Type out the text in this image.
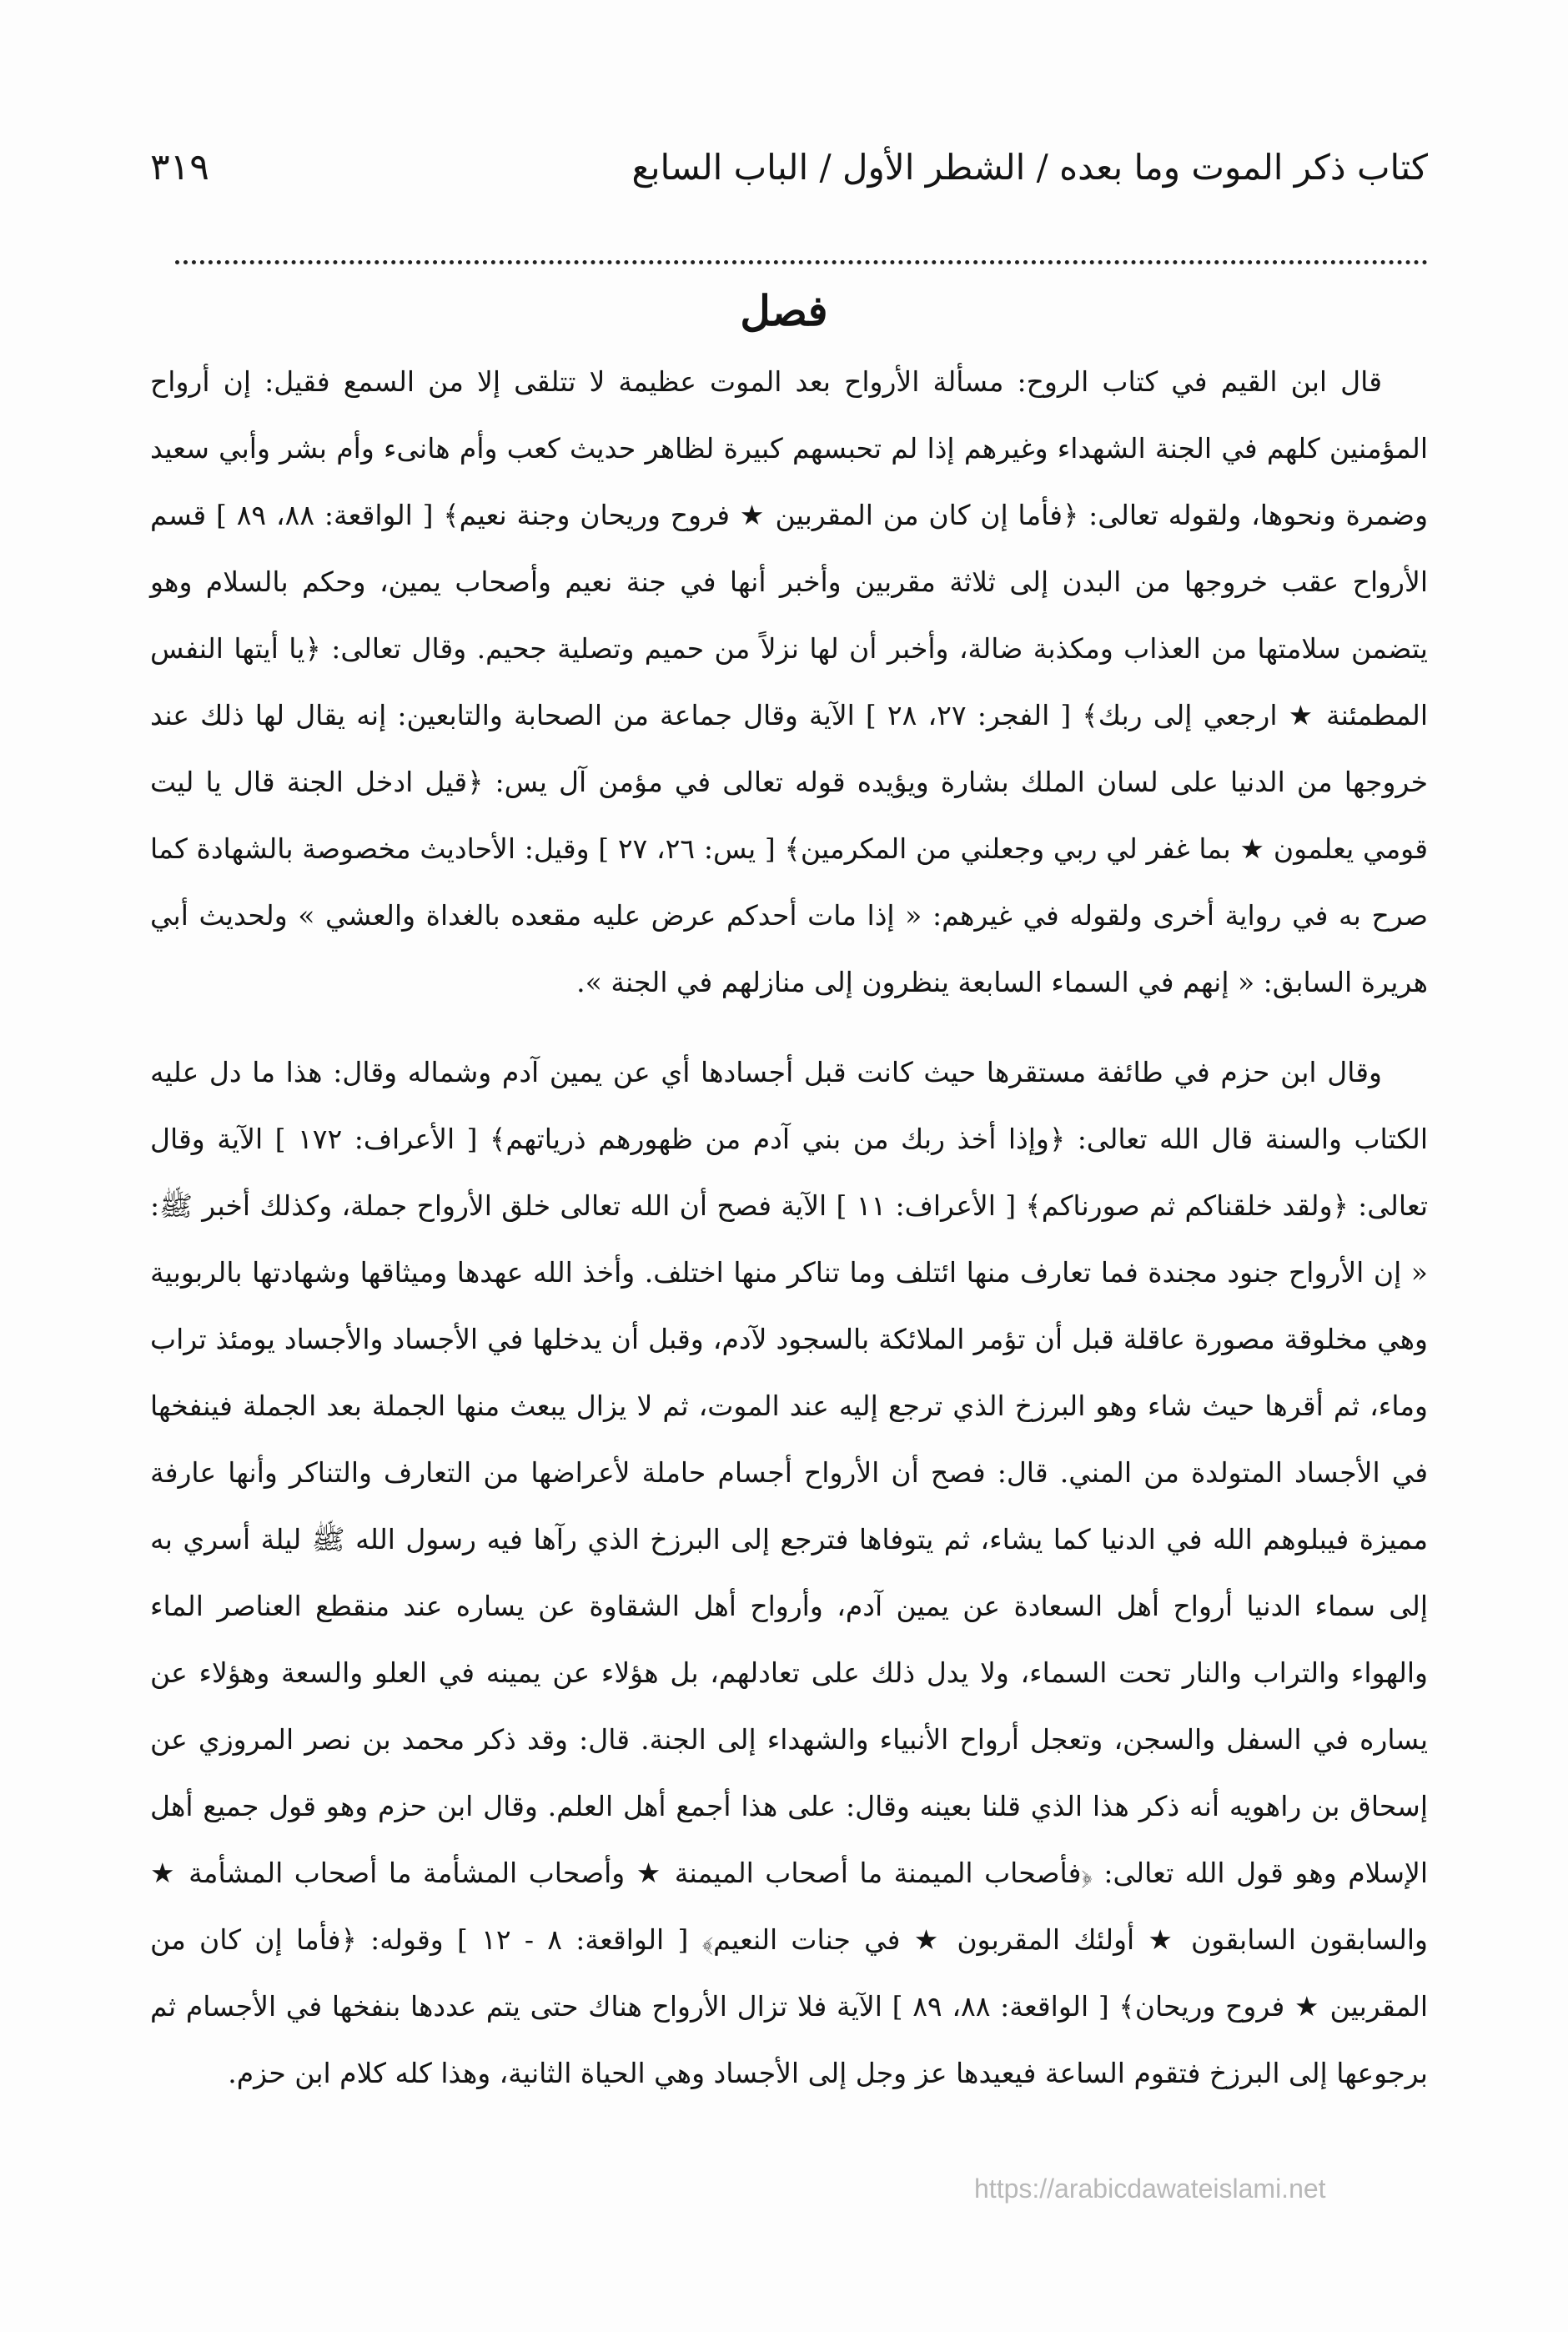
كتاب ذكر الموت وما بعده / الشطر الأول / الباب السابع
٣١٩
فصل

قال ابن القيم في كتاب الروح: مسألة الأرواح بعد الموت عظيمة لا تتلقى إلا من السمع فقيل: إن أرواح المؤمنين كلهم في الجنة الشهداء وغيرهم إذا لم تحبسهم كبيرة لظاهر حديث كعب وأم هانىء وأم بشر وأبي سعيد وضمرة ونحوها، ولقوله تعالى: ﴿فأما إن كان من المقربين ★ فروح وريحان وجنة نعيم﴾ [ الواقعة: ٨٨، ٨٩ ] قسم الأرواح عقب خروجها من البدن إلى ثلاثة مقربين وأخبر أنها في جنة نعيم وأصحاب يمين، وحكم بالسلام وهو يتضمن سلامتها من العذاب ومكذبة ضالة، وأخبر أن لها نزلاً من حميم وتصلية جحيم. وقال تعالى: ﴿يا أيتها النفس المطمئنة ★ ارجعي إلى ربك﴾ [ الفجر: ٢٧، ٢٨ ] الآية وقال جماعة من الصحابة والتابعين: إنه يقال لها ذلك عند خروجها من الدنيا على لسان الملك بشارة ويؤيده قوله تعالى في مؤمن آل يس: ﴿قيل ادخل الجنة قال يا ليت قومي يعلمون ★ بما غفر لي ربي وجعلني من المكرمين﴾ [ يس: ٢٦، ٢٧ ] وقيل: الأحاديث مخصوصة بالشهادة كما صرح به في رواية أخرى ولقوله في غيرهم: « إذا مات أحدكم عرض عليه مقعده بالغداة والعشي » ولحديث أبي هريرة السابق: « إنهم في السماء السابعة ينظرون إلى منازلهم في الجنة ».

وقال ابن حزم في طائفة مستقرها حيث كانت قبل أجسادها أي عن يمين آدم وشماله وقال: هذا ما دل عليه الكتاب والسنة قال الله تعالى: ﴿وإذا أخذ ربك من بني آدم من ظهورهم ذرياتهم﴾ [ الأعراف: ١٧٢ ] الآية وقال تعالى: ﴿ولقد خلقناكم ثم صورناكم﴾ [ الأعراف: ١١ ] الآية فصح أن الله تعالى خلق الأرواح جملة، وكذلك أخبر ﷺ: « إن الأرواح جنود مجندة فما تعارف منها ائتلف وما تناكر منها اختلف. وأخذ الله عهدها وميثاقها وشهادتها بالربوبية وهي مخلوقة مصورة عاقلة قبل أن تؤمر الملائكة بالسجود لآدم، وقبل أن يدخلها في الأجساد والأجساد يومئذ تراب وماء، ثم أقرها حيث شاء وهو البرزخ الذي ترجع إليه عند الموت، ثم لا يزال يبعث منها الجملة بعد الجملة فينفخها في الأجساد المتولدة من المني. قال: فصح أن الأرواح أجسام حاملة لأعراضها من التعارف والتناكر وأنها عارفة مميزة فيبلوهم الله في الدنيا كما يشاء، ثم يتوفاها فترجع إلى البرزخ الذي رآها فيه رسول الله ﷺ ليلة أسري به إلى سماء الدنيا أرواح أهل السعادة عن يمين آدم، وأرواح أهل الشقاوة عن يساره عند منقطع العناصر الماء والهواء والتراب والنار تحت السماء، ولا يدل ذلك على تعادلهم، بل هؤلاء عن يمينه في العلو والسعة وهؤلاء عن يساره في السفل والسجن، وتعجل أرواح الأنبياء والشهداء إلى الجنة. قال: وقد ذكر محمد بن نصر المروزي عن إسحاق بن راهويه أنه ذكر هذا الذي قلنا بعينه وقال: على هذا أجمع أهل العلم. وقال ابن حزم وهو قول جميع أهل الإسلام وهو قول الله تعالى: ﴿فأصحاب الميمنة ما أصحاب الميمنة ★ وأصحاب المشأمة ما أصحاب المشأمة ★ والسابقون السابقون ★ أولئك المقربون ★ في جنات النعيم﴾ [ الواقعة: ٨ - ١٢ ] وقوله: ﴿فأما إن كان من المقربين ★ فروح وريحان﴾ [ الواقعة: ٨٨، ٨٩ ] الآية فلا تزال الأرواح هناك حتى يتم عددها بنفخها في الأجسام ثم برجوعها إلى البرزخ فتقوم الساعة فيعيدها عز وجل إلى الأجساد وهي الحياة الثانية، وهذا كله كلام ابن حزم.

https://arabicdawateislami.net
